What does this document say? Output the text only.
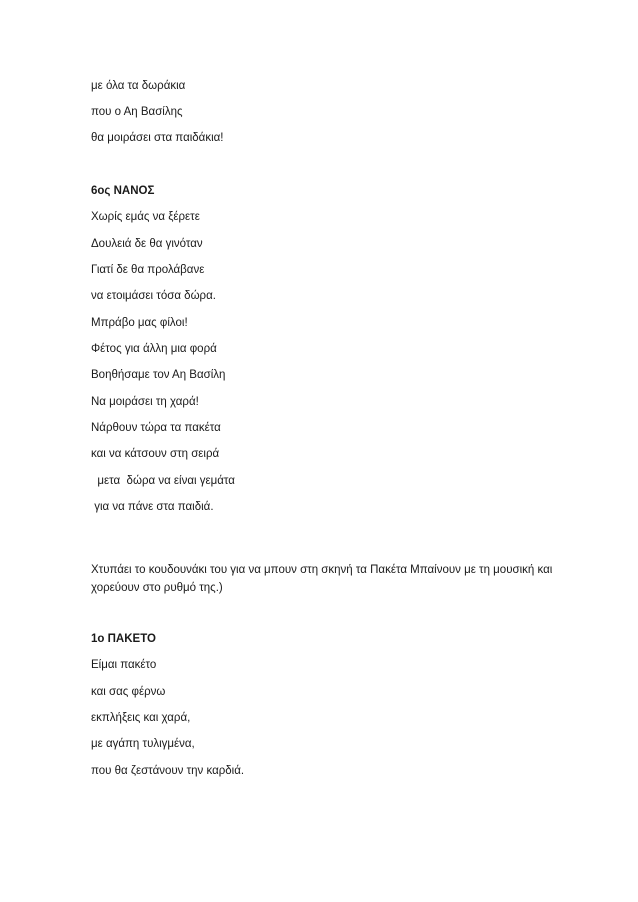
με όλα τα δωράκια
που ο Αη Βασίλης
θα μοιράσει στα παιδάκια!
6ος ΝΑΝΟΣ
Χωρίς εμάς να ξέρετε
Δουλειά δε θα γινόταν
Γιατί δε θα προλάβανε
να ετοιμάσει τόσα δώρα.
Μπράβο μας φίλοι!
Φέτος για άλλη μια φορά
Βοηθήσαμε τον Αη Βασίλη
Να μοιράσει τη χαρά!
Νάρθουν τώρα τα πακέτα
και να κάτσουν στη σειρά
μετα  δώρα να είναι γεμάτα
για να πάνε στα παιδιά.
Χτυπάει το κουδουνάκι του για να μπουν στη σκηνή τα Πακέτα Μπαίνουν με τη μουσική και χορεύουν στο ρυθμό της.)
1ο ΠΑΚΕΤΟ
Είμαι πακέτο
και σας φέρνω
εκπλήξεις και χαρά,
με αγάπη τυλιγμένα,
που θα ζεστάνουν την καρδιά.
